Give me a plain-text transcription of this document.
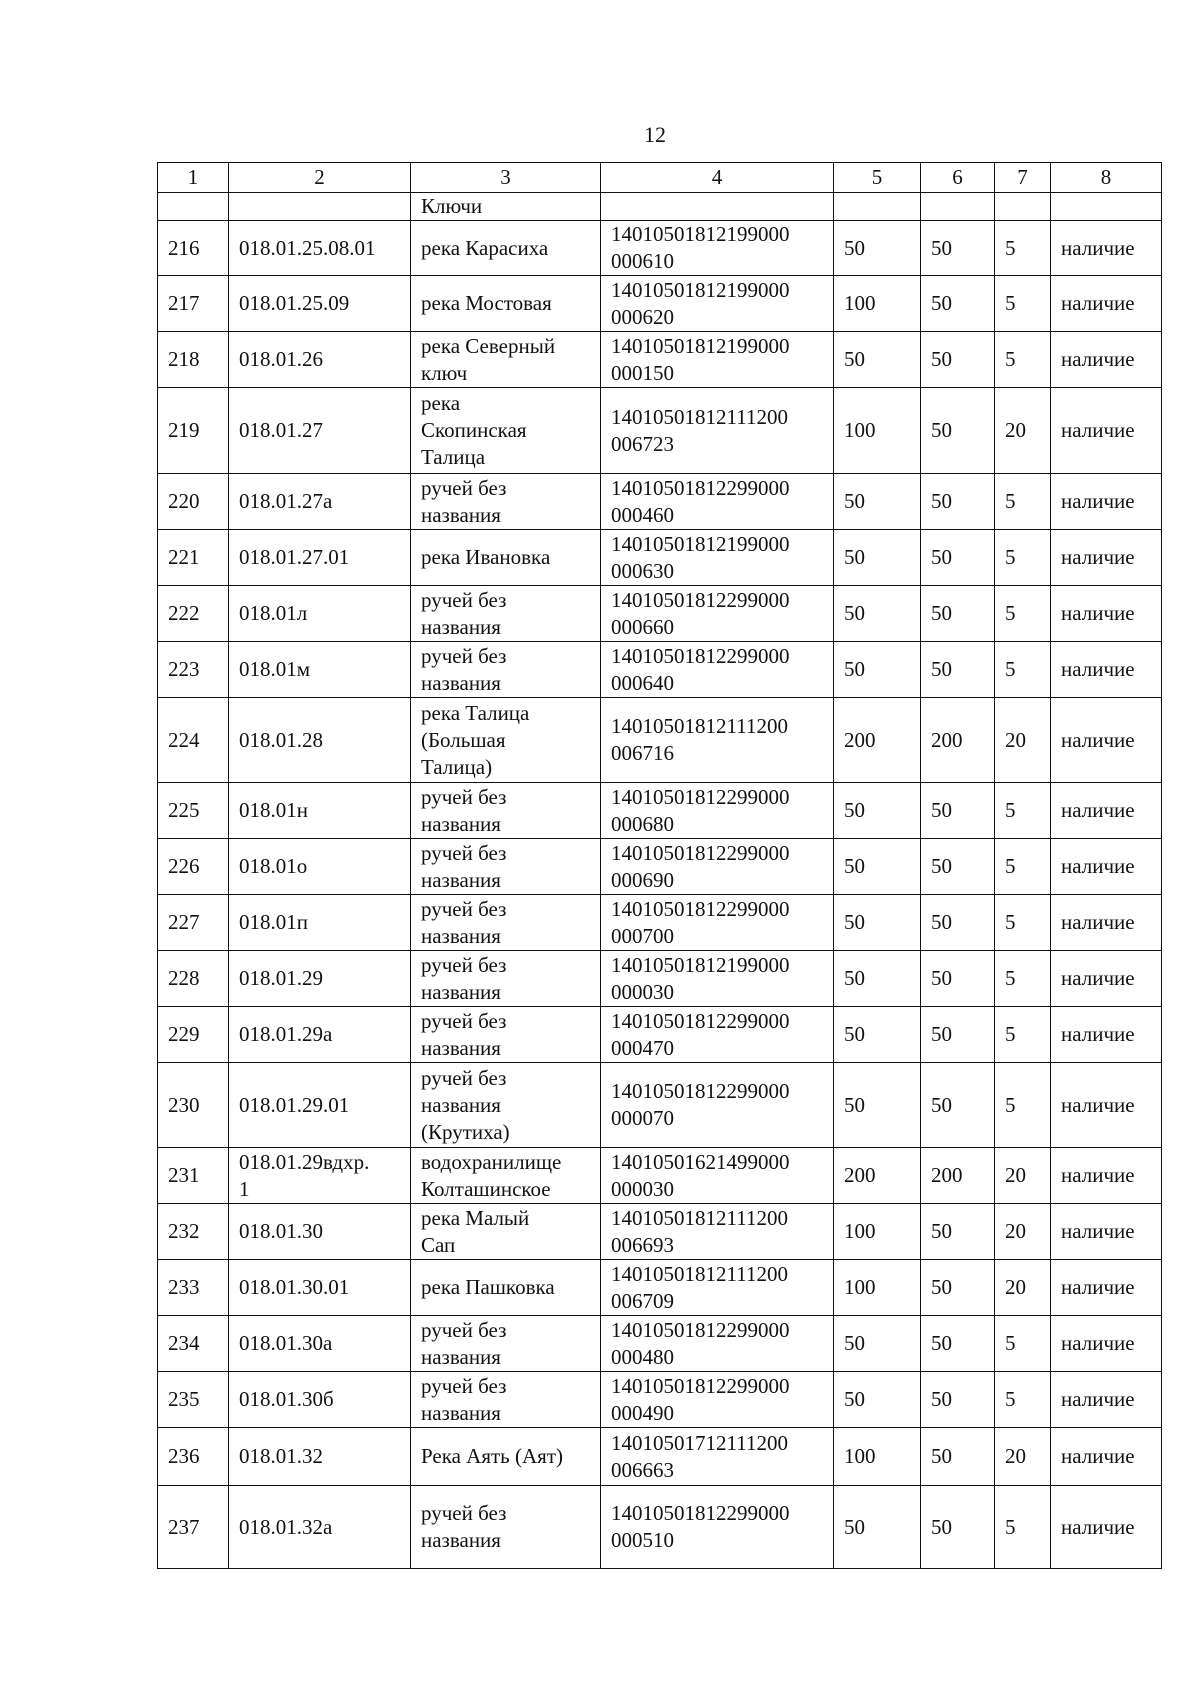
12
1	2	3	4	5	6	7	8
		Ключи					
216	018.01.25.08.01	река Карасиха	14010501812199000
000610	50	50	5	наличие
217	018.01.25.09	река Мостовая	14010501812199000
000620	100	50	5	наличие
218	018.01.26	река Северный
ключ	14010501812199000
000150	50	50	5	наличие
219	018.01.27	река
Скопинская
Талица	14010501812111200
006723	100	50	20	наличие
220	018.01.27а	ручей без
названия	14010501812299000
000460	50	50	5	наличие
221	018.01.27.01	река Ивановка	14010501812199000
000630	50	50	5	наличие
222	018.01л	ручей без
названия	14010501812299000
000660	50	50	5	наличие
223	018.01м	ручей без
названия	14010501812299000
000640	50	50	5	наличие
224	018.01.28	река Талица
(Большая
Талица)	14010501812111200
006716	200	200	20	наличие
225	018.01н	ручей без
названия	14010501812299000
000680	50	50	5	наличие
226	018.01о	ручей без
названия	14010501812299000
000690	50	50	5	наличие
227	018.01п	ручей без
названия	14010501812299000
000700	50	50	5	наличие
228	018.01.29	ручей без
названия	14010501812199000
000030	50	50	5	наличие
229	018.01.29а	ручей без
названия	14010501812299000
000470	50	50	5	наличие
230	018.01.29.01	ручей без
названия
(Крутиха)	14010501812299000
000070	50	50	5	наличие
231	018.01.29вдхр.
1	водохранилище
Колташинское	14010501621499000
000030	200	200	20	наличие
232	018.01.30	река Малый
Сап	14010501812111200
006693	100	50	20	наличие
233	018.01.30.01	река Пашковка	14010501812111200
006709	100	50	20	наличие
234	018.01.30а	ручей без
названия	14010501812299000
000480	50	50	5	наличие
235	018.01.30б	ручей без
названия	14010501812299000
000490	50	50	5	наличие
236	018.01.32	Река Аять (Аят)	14010501712111200
006663	100	50	20	наличие
237	018.01.32а	ручей без
названия	14010501812299000
000510	50	50	5	наличие
